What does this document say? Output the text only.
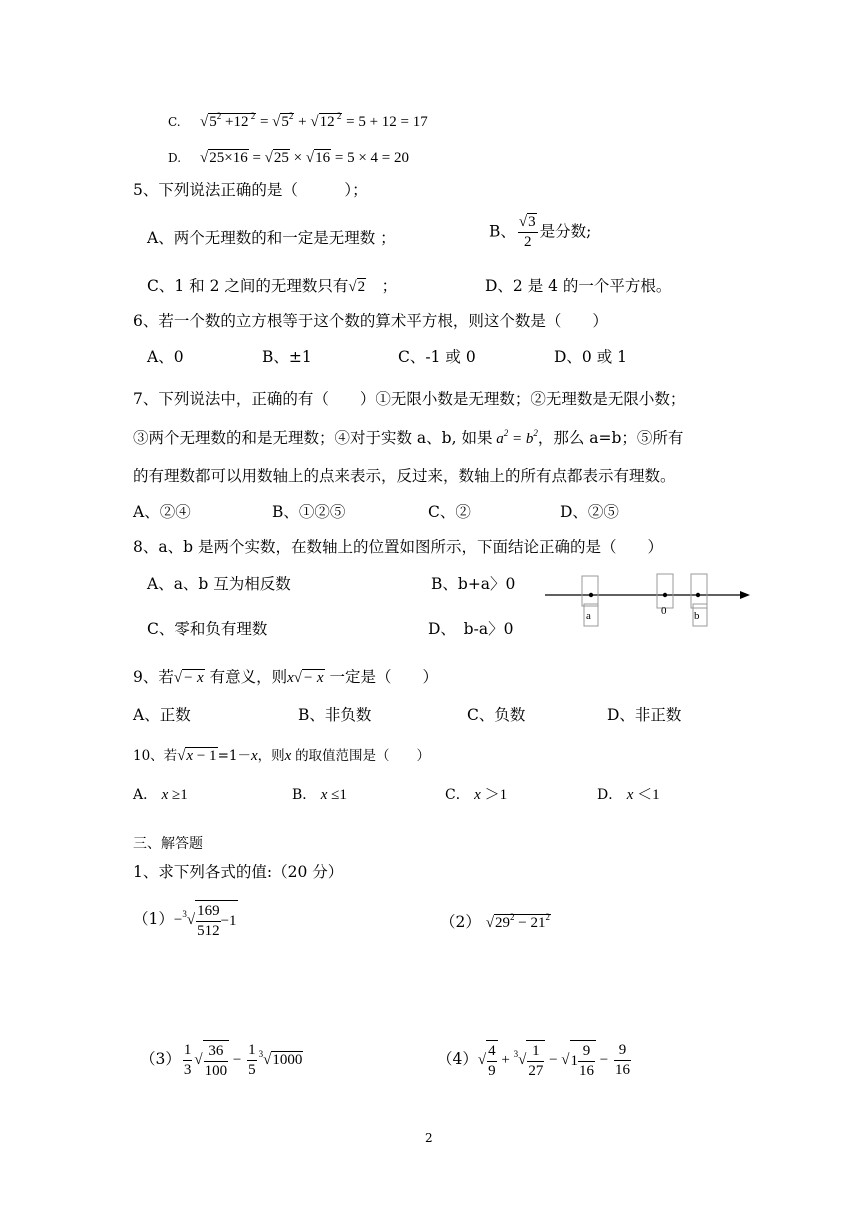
C. $√5^2 +12$ $^2 = √5^2 + √12$ $^2$ = 5 + 12 = 17
D. √25×16 = √25 × √16 = 5 × 4 = 20
5、下列说法正确的是（　　　）；
A、两个无理数的和一定是无理数 ；	B、 $\frac{√3}{2}$ 是分数;
C、1 和 2 之间的无理数只有√2　 ；	D、2 是 4 的一个平方根。
6、若一个数的立方根等于这个数的算术平方根，则这个数是（　　）
A、0	B、±1	C、-1 或 0	D、0 或 1
7、下列说法中，正确的有（　　）①无限小数是无理数；②无理数是无限小数；
③两个无理数的和是无理数；④对于实数 a、b, 如果 $a^2 = b^2$，那么 a=b；⑤所有
的有理数都可以用数轴上的点来表示，反过来，数轴上的所有点都表示有理数。
A、②④	B、①②⑤	C、②	D、②⑤
8、a、b 是两个实数，在数轴上的位置如图所示，下面结论正确的是（　　）
A、a、b 互为相反数	B、b+a〉0
C、零和负有理数	D、　b-a〉0
a	0	b
9、若√− x 有意义，则x√− x 一定是（　　）
A、正数	B、非负数	C、负数	D、非正数
10、若√x − 1=1－x，则x 的取值范围是（　　）
A． x ≥1	B． x ≤1	C． x ＞1	D． x ＜1
三、解答题
1、求下列各式的值:（20 分）
$(1)-^3√ \frac{169}{512} -1$	（2） $√29^2 - 21^2$
$(3) \frac{1}{3}$ √ $\frac{36}{100} - \frac{1}{5} ^3√1000$	$(4)√ \frac{4}{9} + ^3√ \frac{1}{27} - √1 \frac{9}{16} - \frac{9}{16}$
2
